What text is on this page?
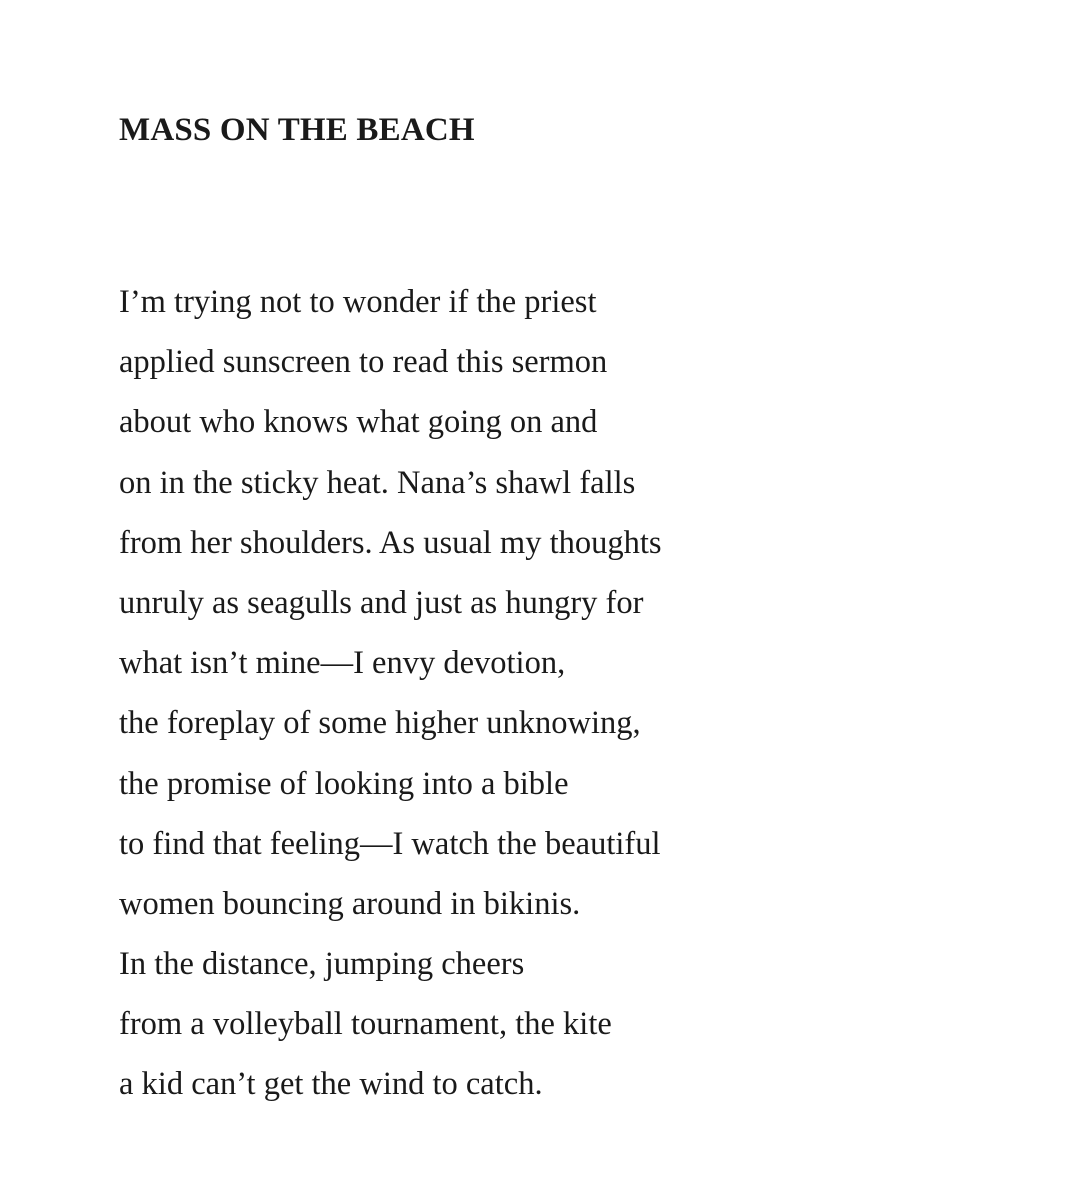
MASS ON THE BEACH
I’m trying not to wonder if the priest
applied sunscreen to read this sermon
about who knows what going on and
on in the sticky heat. Nana’s shawl falls
from her shoulders. As usual my thoughts
unruly as seagulls and just as hungry for
what isn’t mine—I envy devotion,
the foreplay of some higher unknowing,
the promise of looking into a bible
to find that feeling—I watch the beautiful
women bouncing around in bikinis.
In the distance, jumping cheers
from a volleyball tournament, the kite
a kid can’t get the wind to catch.
